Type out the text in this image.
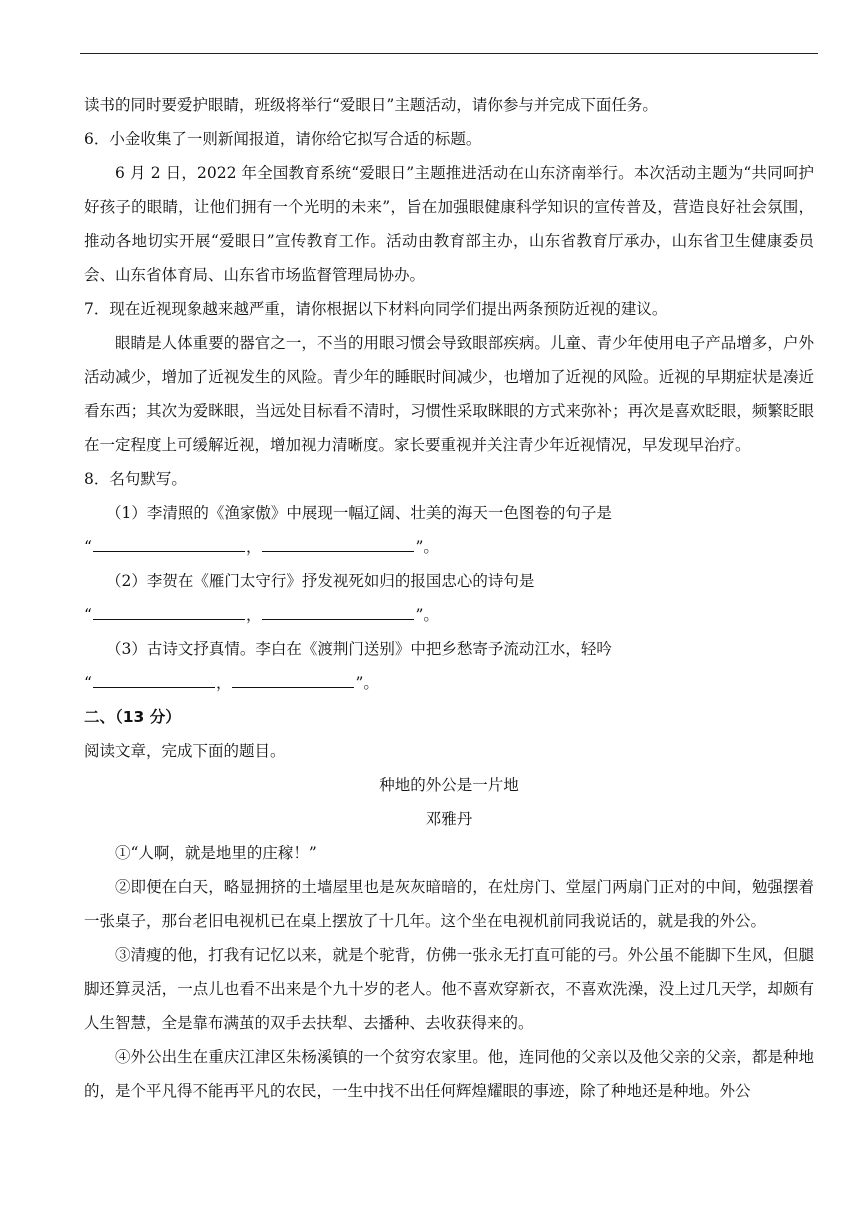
读书的同时要爱护眼睛，班级将举行“爱眼日”主题活动，请你参与并完成下面任务。

6．小金收集了一则新闻报道，请你给它拟写合适的标题。

6 月 2 日，2022 年全国教育系统“爱眼日”主题推进活动在山东济南举行。本次活动主题为“共同呵护好孩子的眼睛，让他们拥有一个光明的未来”，旨在加强眼健康科学知识的宣传普及，营造良好社会氛围，推动各地切实开展“爱眼日”宣传教育工作。活动由教育部主办，山东省教育厅承办，山东省卫生健康委员会、山东省体育局、山东省市场监督管理局协办。

7．现在近视现象越来越严重，请你根据以下材料向同学们提出两条预防近视的建议。

眼睛是人体重要的器官之一，不当的用眼习惯会导致眼部疾病。儿童、青少年使用电子产品增多，户外活动减少，增加了近视发生的风险。青少年的睡眠时间减少，也增加了近视的风险。近视的早期症状是凑近看东西；其次为爱眯眼，当远处目标看不清时，习惯性采取眯眼的方式来弥补；再次是喜欢眨眼，频繁眨眼在一定程度上可缓解近视，增加视力清晰度。家长要重视并关注青少年近视情况，早发现早治疗。

8．名句默写。

（1）李清照的《渔家傲》中展现一幅辽阔、壮美的海天一色图卷的句子是

“	，	”。

（2）李贺在《雁门太守行》抒发视死如归的报国忠心的诗句是

“	，	”。

（3）古诗文抒真情。李白在《渡荆门送别》中把乡愁寄予流动江水，轻吟

“	，	”。

二、（13 分）

阅读文章，完成下面的题目。

种地的外公是一片地

邓雅丹

①“人啊，就是地里的庄稼！”

②即便在白天，略显拥挤的土墙屋里也是灰灰暗暗的，在灶房门、堂屋门两扇门正对的中间，勉强摆着一张桌子，那台老旧电视机已在桌上摆放了十几年。这个坐在电视机前同我说话的，就是我的外公。

③清瘦的他，打我有记忆以来，就是个驼背，仿佛一张永无打直可能的弓。外公虽不能脚下生风，但腿脚还算灵活，一点儿也看不出来是个九十岁的老人。他不喜欢穿新衣，不喜欢洗澡，没上过几天学，却颇有人生智慧，全是靠布满茧的双手去扶犁、去播种、去收获得来的。

④外公出生在重庆江津区朱杨溪镇的一个贫穷农家里。他，连同他的父亲以及他父亲的父亲，都是种地的，是个平凡得不能再平凡的农民，一生中找不出任何辉煌耀眼的事迹，除了种地还是种地。外公
